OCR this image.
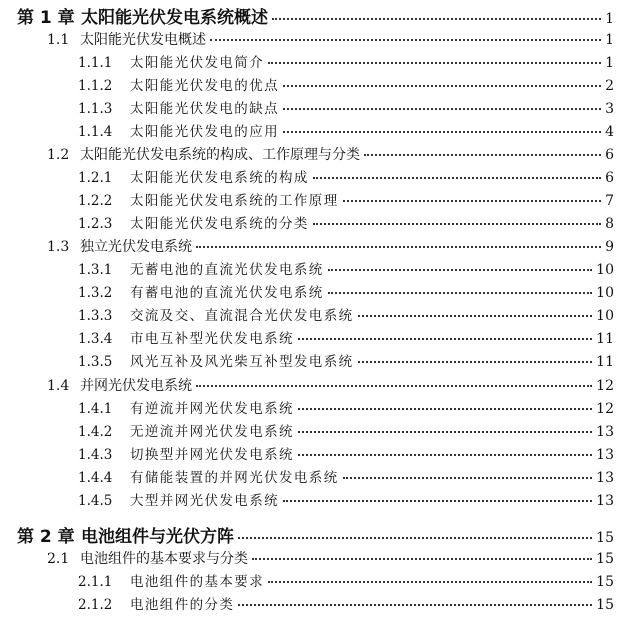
第 1 章 太阳能光伏发电系统概述	1
1.1 太阳能光伏发电概述	1
1.1.1	太阳能光伏发电简介	1
1.1.2	太阳能光伏发电的优点	2
1.1.3	太阳能光伏发电的缺点	3
1.1.4	太阳能光伏发电的应用	4
1.2 太阳能光伏发电系统的构成、工作原理与分类	6
1.2.1	太阳能光伏发电系统的构成	6
1.2.2	太阳能光伏发电系统的工作原理	7
1.2.3	太阳能光伏发电系统的分类	8
1.3 独立光伏发电系统	9
1.3.1	无蓄电池的直流光伏发电系统	10
1.3.2	有蓄电池的直流光伏发电系统	10
1.3.3	交流及交、直流混合光伏发电系统	10
1.3.4	市电互补型光伏发电系统	11
1.3.5	风光互补及风光柴互补型发电系统	11
1.4 并网光伏发电系统	12
1.4.1	有逆流并网光伏发电系统	12
1.4.2	无逆流并网光伏发电系统	13
1.4.3	切换型并网光伏发电系统	13
1.4.4	有储能装置的并网光伏发电系统	13
1.4.5	大型并网光伏发电系统	13
第 2 章 电池组件与光伏方阵	15
2.1 电池组件的基本要求与分类	15
2.1.1	电池组件的基本要求	15
2.1.2	电池组件的分类	15
